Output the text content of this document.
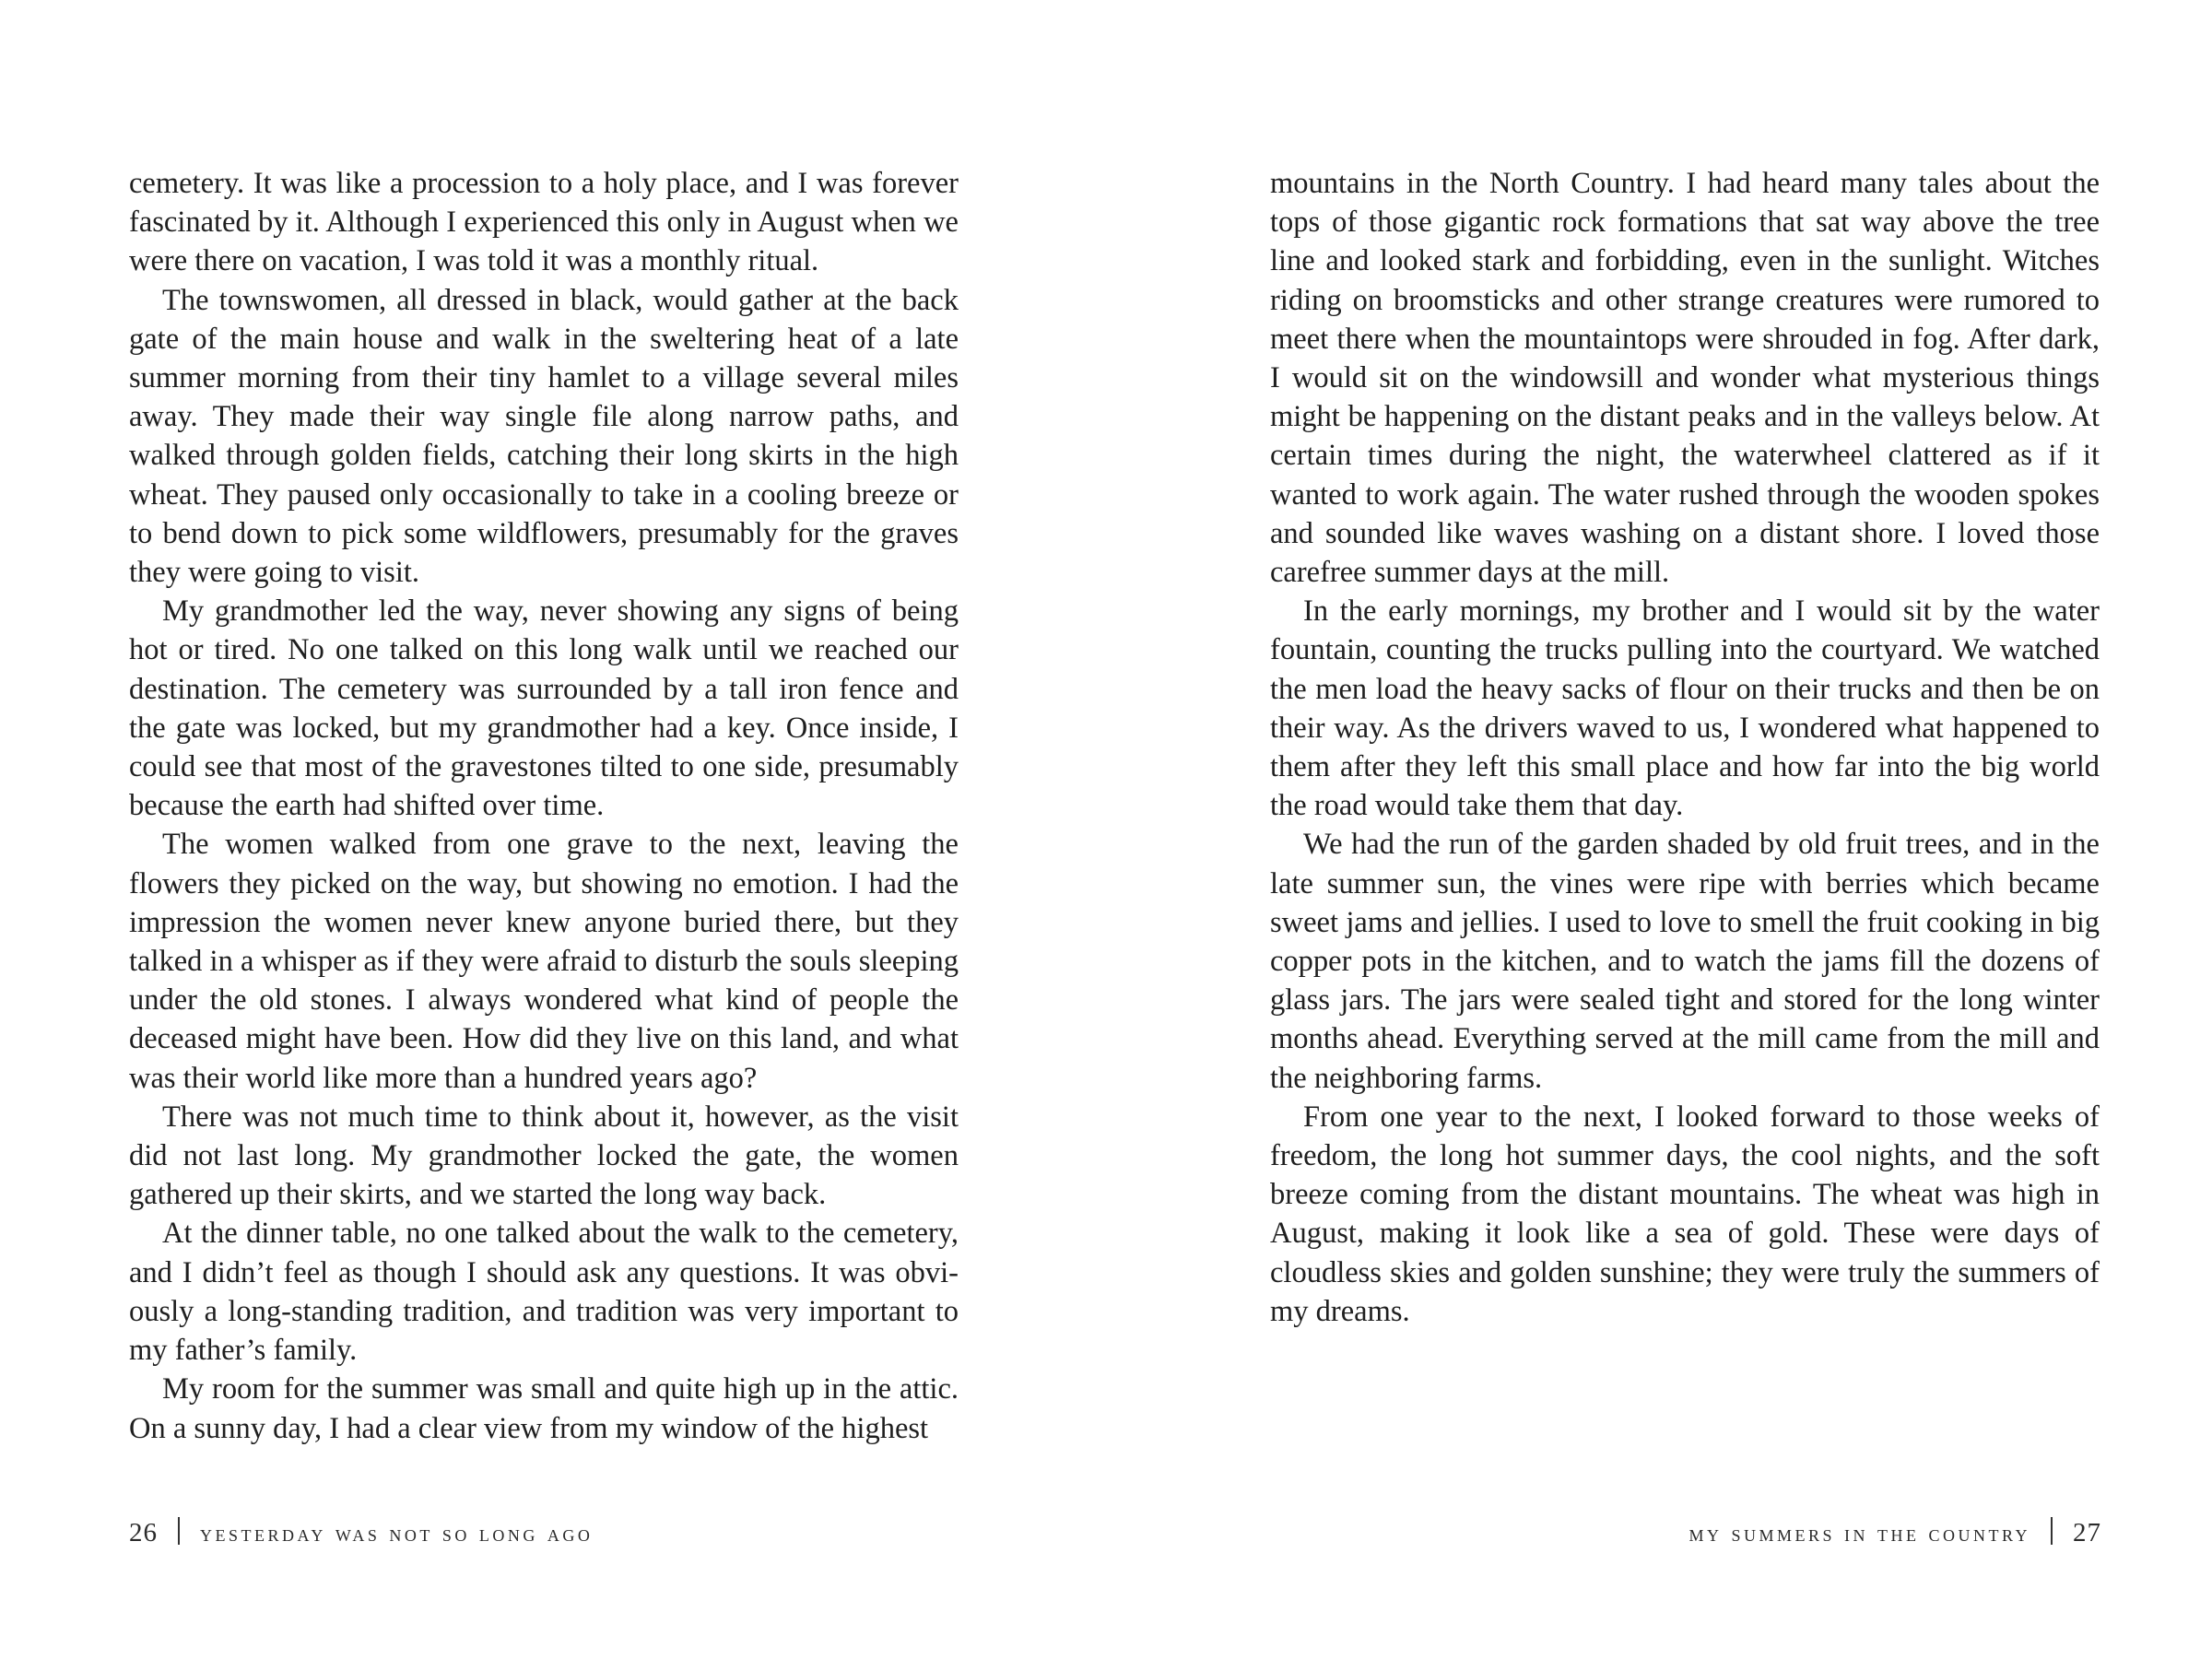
cemetery. It was like a procession to a holy place, and I was forever fascinated by it. Although I experienced this only in August when we were there on vacation, I was told it was a monthly ritual.

The townswomen, all dressed in black, would gather at the back gate of the main house and walk in the sweltering heat of a late summer morning from their tiny hamlet to a village several miles away. They made their way single file along narrow paths, and walked through golden fields, catching their long skirts in the high wheat. They paused only occasionally to take in a cooling breeze or to bend down to pick some wildflowers, presumably for the graves they were going to visit.

My grandmother led the way, never showing any signs of being hot or tired. No one talked on this long walk until we reached our destination. The cemetery was surrounded by a tall iron fence and the gate was locked, but my grandmother had a key. Once inside, I could see that most of the gravestones tilted to one side, presumably because the earth had shifted over time.

The women walked from one grave to the next, leaving the flowers they picked on the way, but showing no emotion. I had the impression the women never knew anyone buried there, but they talked in a whisper as if they were afraid to disturb the souls sleeping under the old stones. I always wondered what kind of people the deceased might have been. How did they live on this land, and what was their world like more than a hundred years ago?

There was not much time to think about it, however, as the visit did not last long. My grandmother locked the gate, the women gathered up their skirts, and we started the long way back.

At the dinner table, no one talked about the walk to the cemetery, and I didn’t feel as though I should ask any questions. It was obviously a long-standing tradition, and tradition was very important to my father’s family.

My room for the summer was small and quite high up in the attic. On a sunny day, I had a clear view from my window of the highest

26 yesterday was not so long ago

mountains in the North Country. I had heard many tales about the tops of those gigantic rock formations that sat way above the tree line and looked stark and forbidding, even in the sunlight. Witches riding on broomsticks and other strange creatures were rumored to meet there when the mountaintops were shrouded in fog. After dark, I would sit on the windowsill and wonder what mysterious things might be happening on the distant peaks and in the valleys below. At certain times during the night, the waterwheel clattered as if it wanted to work again. The water rushed through the wooden spokes and sounded like waves washing on a distant shore. I loved those carefree summer days at the mill.

In the early mornings, my brother and I would sit by the water fountain, counting the trucks pulling into the courtyard. We watched the men load the heavy sacks of flour on their trucks and then be on their way. As the drivers waved to us, I wondered what happened to them after they left this small place and how far into the big world the road would take them that day.

We had the run of the garden shaded by old fruit trees, and in the late summer sun, the vines were ripe with berries which became sweet jams and jellies. I used to love to smell the fruit cooking in big copper pots in the kitchen, and to watch the jams fill the dozens of glass jars. The jars were sealed tight and stored for the long winter months ahead. Everything served at the mill came from the mill and the neighboring farms.

From one year to the next, I looked forward to those weeks of freedom, the long hot summer days, the cool nights, and the soft breeze coming from the distant mountains. The wheat was high in August, making it look like a sea of gold. These were days of cloudless skies and golden sunshine; they were truly the summers of my dreams.

my summers in the country 27
